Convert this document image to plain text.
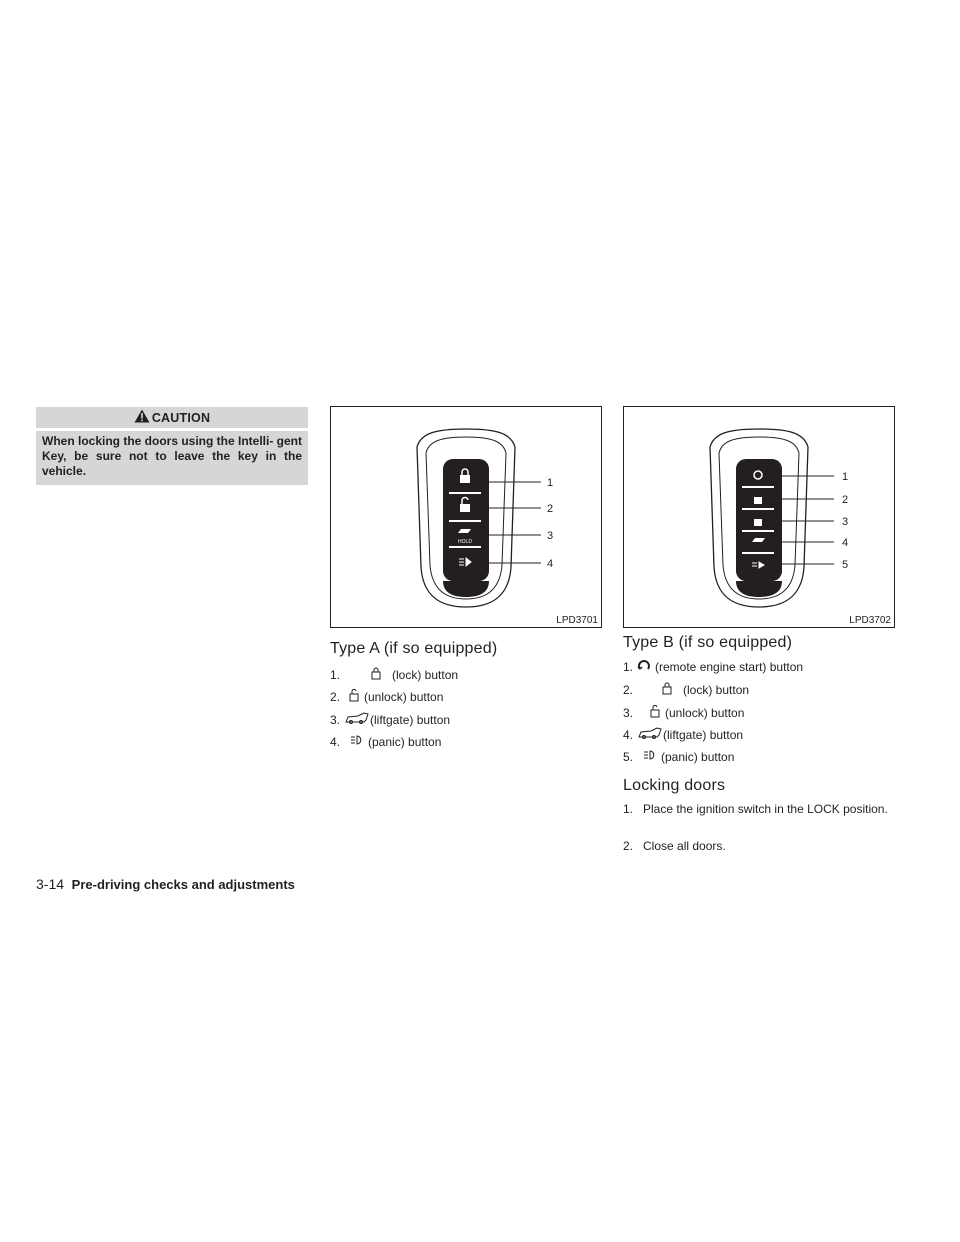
CAUTION
When locking the doors using the Intelli- gent Key, be sure not to leave the key in the vehicle.
HOLD
1
2
3
4
LPD3701
1
2
3
4
5
LPD3702
Type A (if so equipped)
1.	(lock) button
2. (unlock) button
3.	(liftgate) button
4. (panic) button
Type B (if so equipped)
1. (remote engine start) button
2.	(lock) button
3.	(unlock) button
4.	(liftgate) button
5. (panic) button
Locking doors
1. Place the ignition switch in the LOCK position.
2. Close all doors.
3-14 Pre-driving checks and adjustments
